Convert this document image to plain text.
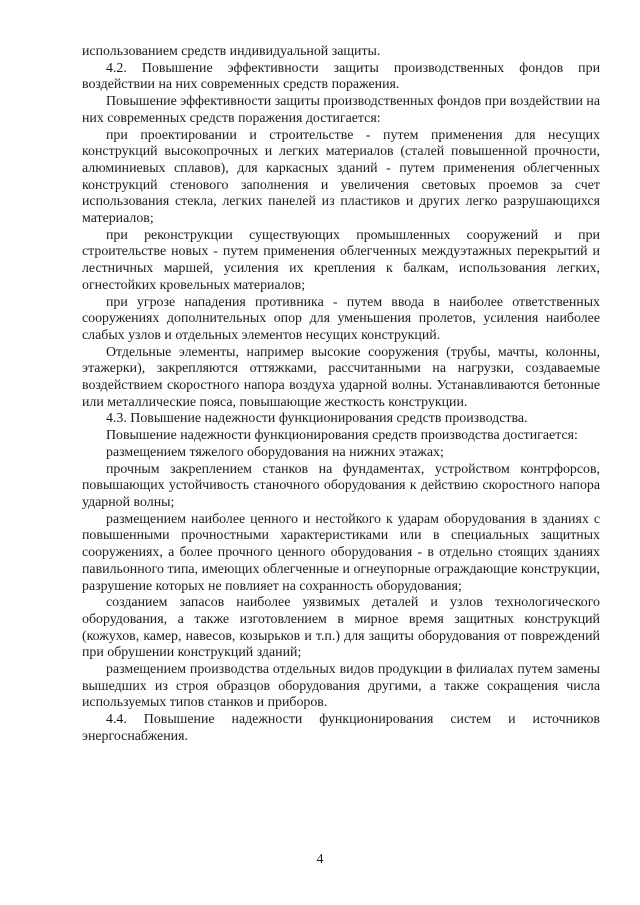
использованием средств индивидуальной защиты.

4.2. Повышение эффективности защиты производственных фондов при воздействии на них современных средств поражения.

Повышение эффективности защиты производственных фондов при воздействии на них современных средств поражения достигается:

при проектировании и строительстве - путем применения для несущих конструкций высокопрочных и легких материалов (сталей повышенной прочности, алюминиевых сплавов), для каркасных зданий - путем применения облегченных конструкций стенового заполнения и увеличения световых проемов за счет использования стекла, легких панелей из пластиков и других легко разрушающихся материалов;

при реконструкции существующих промышленных сооружений и при строительстве новых - путем применения облегченных междуэтажных перекрытий и лестничных маршей, усиления их крепления к балкам, использования легких, огнестойких кровельных материалов;

при угрозе нападения противника - путем ввода в наиболее ответственных сооружениях дополнительных опор для уменьшения пролетов, усиления наиболее слабых узлов и отдельных элементов несущих конструкций.

Отдельные элементы, например высокие сооружения (трубы, мачты, колонны, этажерки), закрепляются оттяжками, рассчитанными на нагрузки, создаваемые воздействием скоростного напора воздуха ударной волны. Устанавливаются бетонные или металлические пояса, повышающие жесткость конструкции.

4.3. Повышение надежности функционирования средств производства.

Повышение надежности функционирования средств производства достигается:

размещением тяжелого оборудования на нижних этажах;

прочным закреплением станков на фундаментах, устройством контрфорсов, повышающих устойчивость станочного оборудования к действию скоростного напора ударной волны;

размещением наиболее ценного и нестойкого к ударам оборудования в зданиях с повышенными прочностными характеристиками или в специальных защитных сооружениях, а более прочного ценного оборудования - в отдельно стоящих зданиях павильонного типа, имеющих облегченные и огнеупорные ограждающие конструкции, разрушение которых не повлияет на сохранность оборудования;

созданием запасов наиболее уязвимых деталей и узлов технологического оборудования, а также изготовлением в мирное время защитных конструкций (кожухов, камер, навесов, козырьков и т.п.) для защиты оборудования от повреждений при обрушении конструкций зданий;

размещением производства отдельных видов продукции в филиалах путем замены вышедших из строя образцов оборудования другими, а также сокращения числа используемых типов станков и приборов.

4.4. Повышение надежности функционирования систем и источников энергоснабжения.

4
